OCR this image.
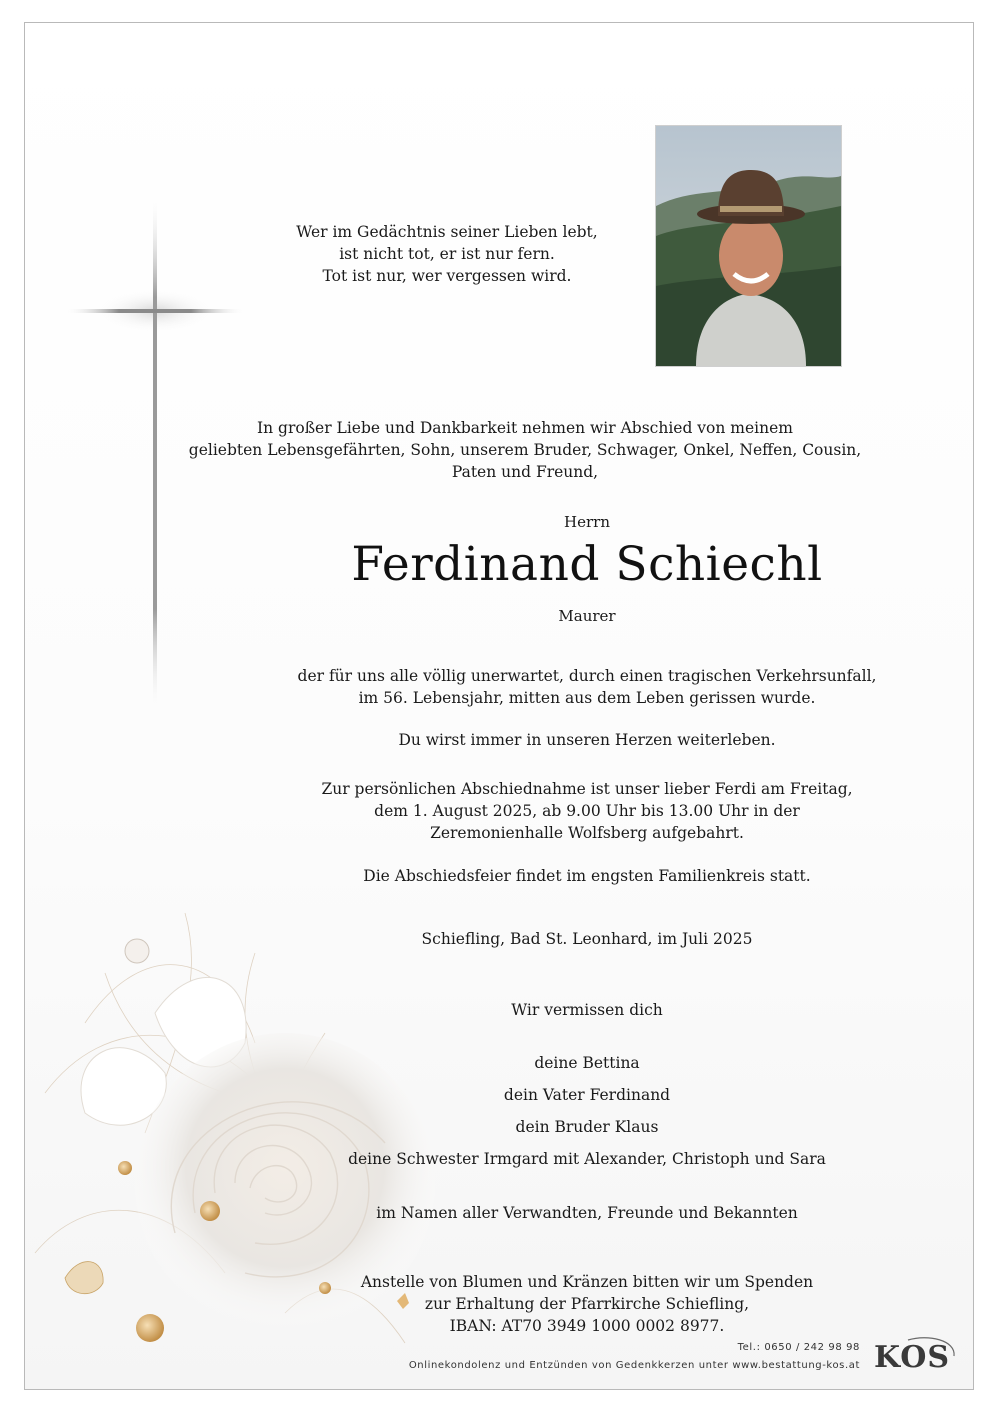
Wer im Gedächtnis seiner Lieben lebt,
ist nicht tot, er ist nur fern.
Tot ist nur, wer vergessen wird.
In großer Liebe und Dankbarkeit nehmen wir Abschied von meinem
geliebten Lebensgefährten, Sohn, unserem Bruder, Schwager, Onkel, Neffen, Cousin,
Paten und Freund,
Herrn
Ferdinand Schiechl
Maurer
der für uns alle völlig unerwartet, durch einen tragischen Verkehrsunfall,
im 56. Lebensjahr, mitten aus dem Leben gerissen wurde.
Du wirst immer in unseren Herzen weiterleben.
Zur persönlichen Abschiednahme ist unser lieber Ferdi am Freitag,
dem 1. August 2025, ab 9.00 Uhr bis 13.00 Uhr in der
Zeremonienhalle Wolfsberg aufgebahrt.
Die Abschiedsfeier findet im engsten Familienkreis statt.
Schiefling, Bad St. Leonhard, im Juli 2025
Wir vermissen dich
deine Bettina
dein Vater Ferdinand
dein Bruder Klaus
deine Schwester Irmgard mit Alexander, Christoph und Sara
im Namen aller Verwandten, Freunde und Bekannten
Anstelle von Blumen und Kränzen bitten wir um Spenden
zur Erhaltung der Pfarrkirche Schiefling,
IBAN: AT70 3949 1000 0002 8977.
Tel.: 0650 / 242 98 98
Onlinekondolenz und Entzünden von Gedenkkerzen unter www.bestattung-kos.at KOS
